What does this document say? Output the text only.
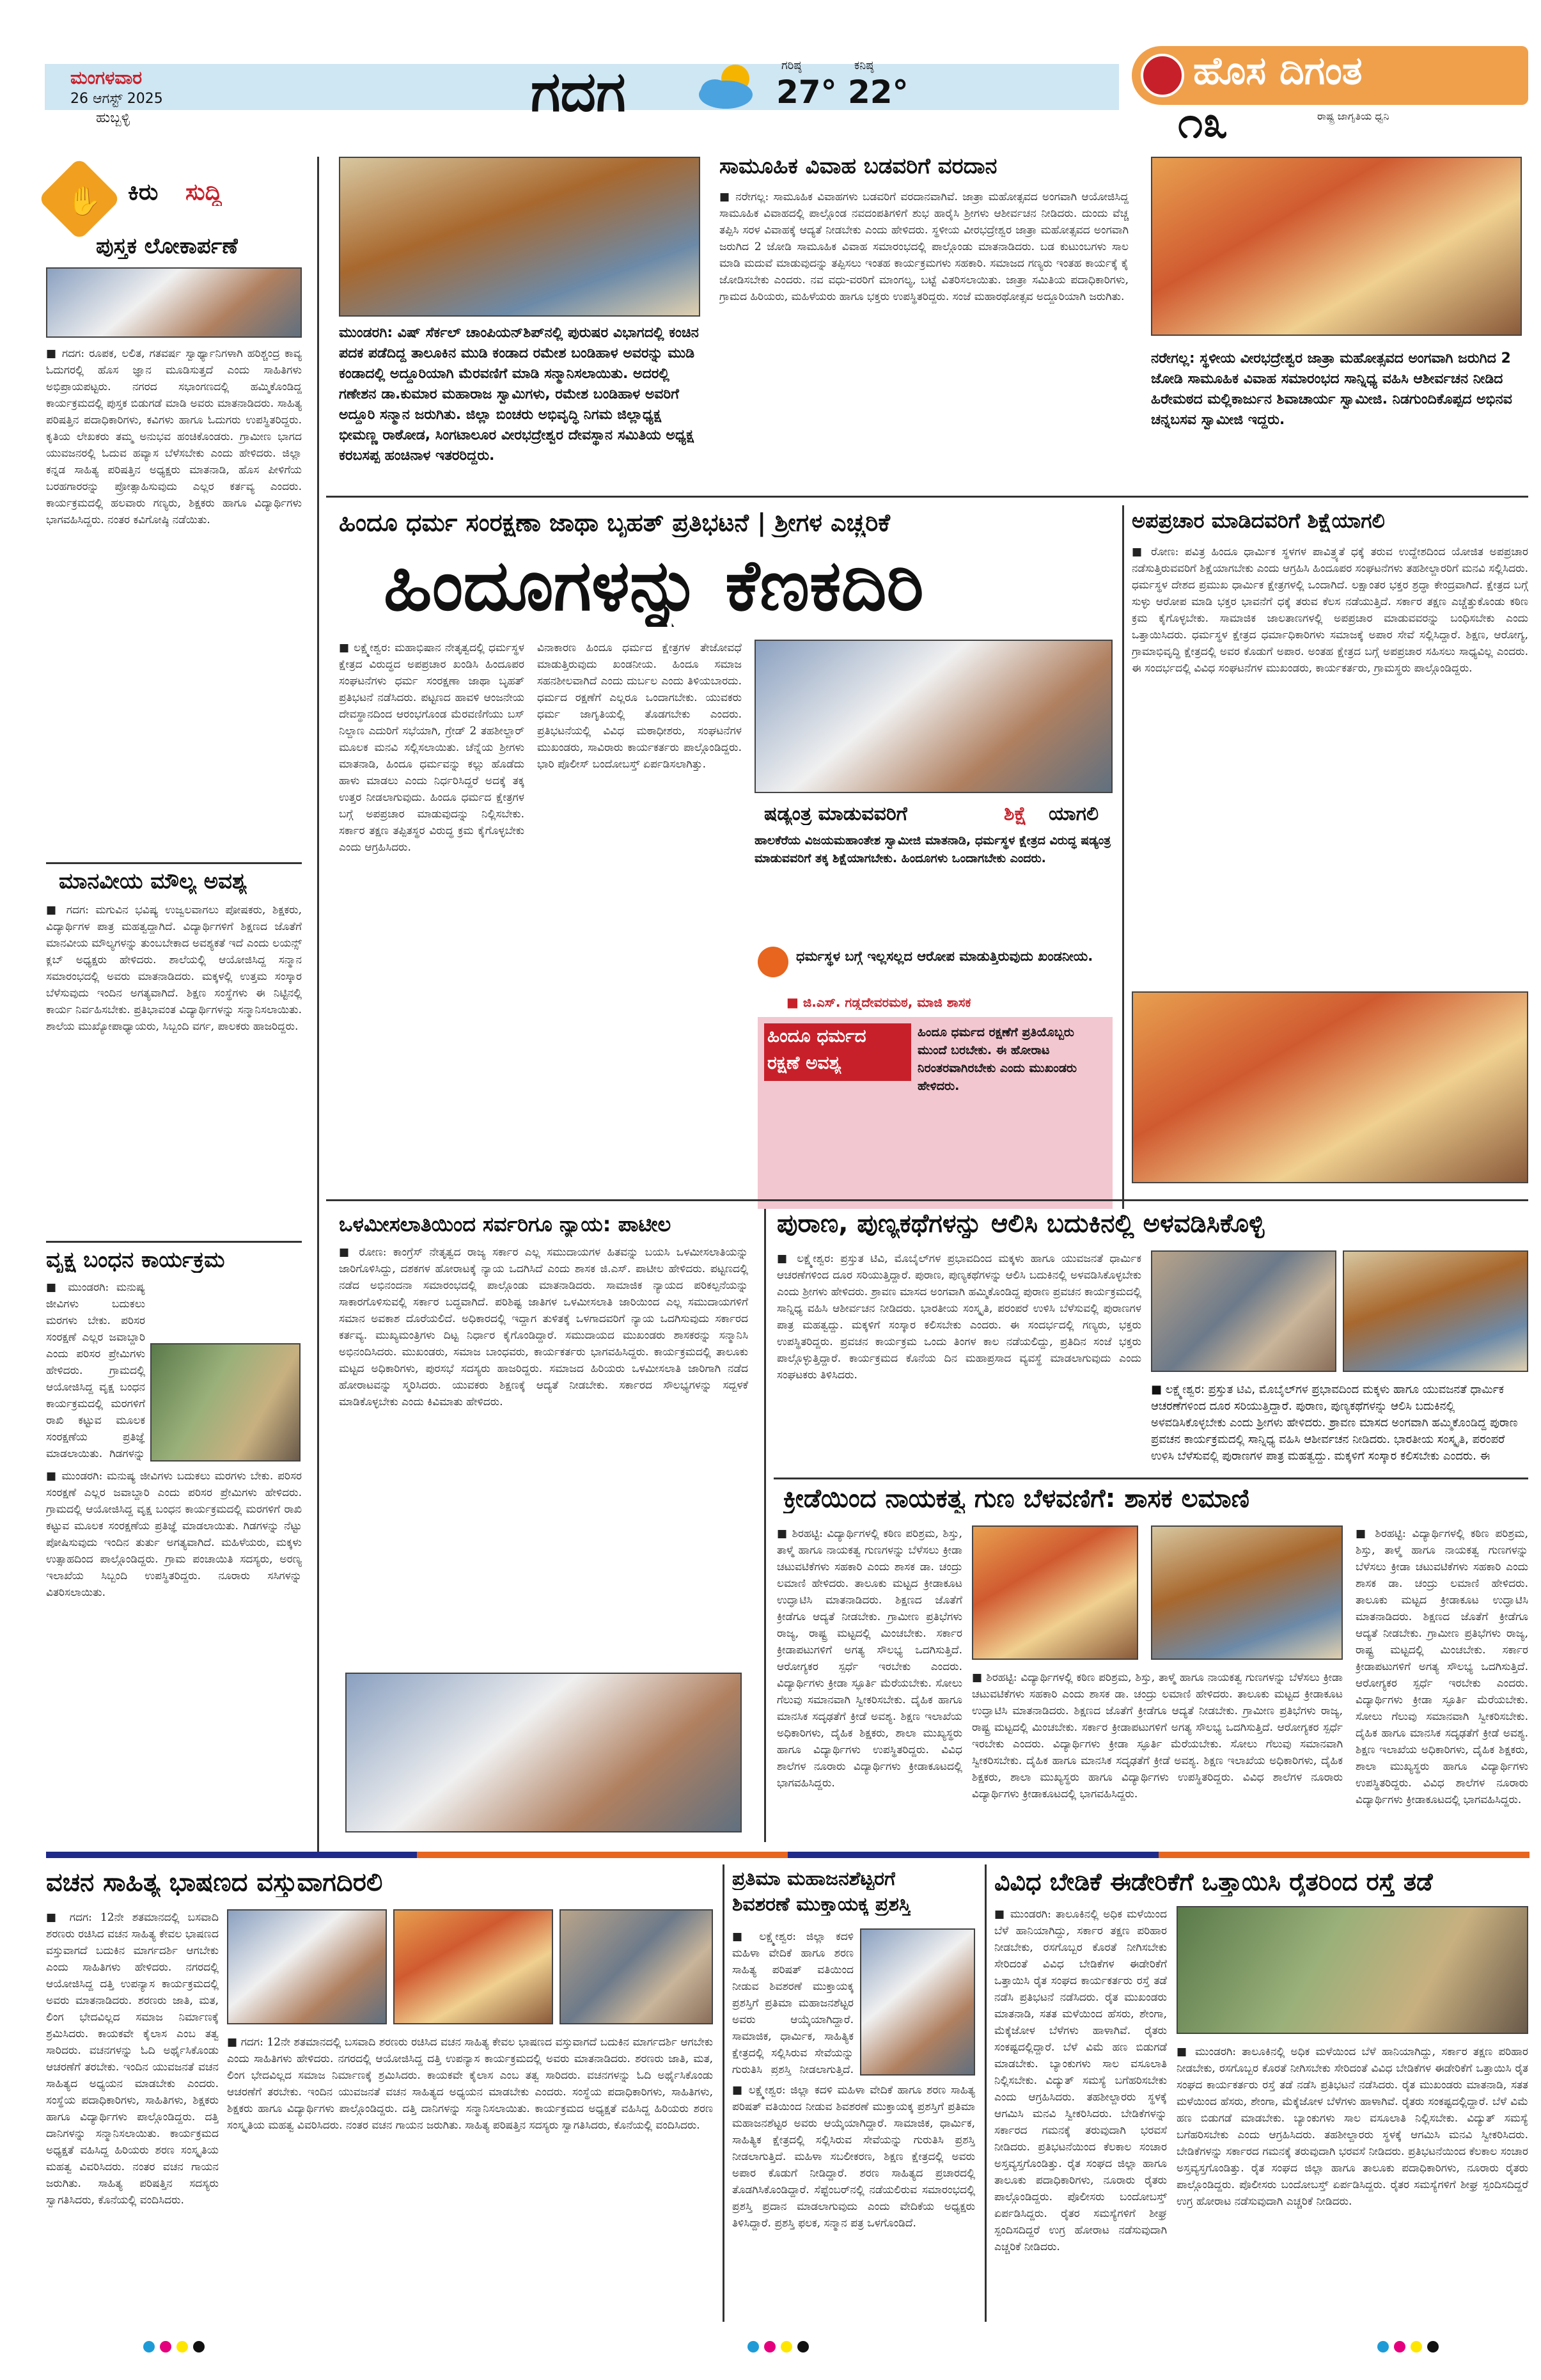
ಮಂಗಳವಾರ
26 ಆಗಸ್ಟ್ 2025
ಹುಬ್ಬಳ್ಳಿ	ಗದಗ	ಗರಿಷ್ಠ
27°
ಕನಿಷ್ಠ
22°	ಹೊಸ ದಿಗಂತ
ರಾಷ್ಟ್ರ ಜಾಗೃತಿಯ ಧ್ವನಿ
೧೩
✋ ಕಿರು ಸುದ್ದಿ
ಪುಸ್ತಕ ಲೋಕಾರ್ಪಣೆ
■ ಗದಗ: ರೂಪಕ, ಲಲಿತ, ಗತವರ್ಷ ಸ್ವಾರ್ಥ್ಯಾನಿಗಳಾಗಿ ಹರಿಶ್ಚಂದ್ರ ಕಾವ್ಯ ಓದುಗರಲ್ಲಿ ಹೊಸ ಜ್ಞಾನ ಮೂಡಿಸುತ್ತದೆ ಎಂದು ಸಾಹಿತಿಗಳು ಅಭಿಪ್ರಾಯಪಟ್ಟರು. ನಗರದ ಸಭಾಂಗಣದಲ್ಲಿ ಹಮ್ಮಿಕೊಂಡಿದ್ದ ಕಾರ್ಯಕ್ರಮದಲ್ಲಿ ಪುಸ್ತಕ ಬಿಡುಗಡೆ ಮಾಡಿ ಅವರು ಮಾತನಾಡಿದರು. ಸಾಹಿತ್ಯ ಪರಿಷತ್ತಿನ ಪದಾಧಿಕಾರಿಗಳು, ಕವಿಗಳು ಹಾಗೂ ಓದುಗರು ಉಪಸ್ಥಿತರಿದ್ದರು. ಕೃತಿಯ ಲೇಖಕರು ತಮ್ಮ ಅನುಭವ ಹಂಚಿಕೊಂಡರು. ಗ್ರಾಮೀಣ ಭಾಗದ ಯುವಜನರಲ್ಲಿ ಓದುವ ಹವ್ಯಾಸ ಬೆಳೆಸಬೇಕು ಎಂದು ಹೇಳಿದರು. ಜಿಲ್ಲಾ ಕನ್ನಡ ಸಾಹಿತ್ಯ ಪರಿಷತ್ತಿನ ಅಧ್ಯಕ್ಷರು ಮಾತನಾಡಿ, ಹೊಸ ಪೀಳಿಗೆಯ ಬರಹಗಾರರನ್ನು ಪ್ರೋತ್ಸಾಹಿಸುವುದು ಎಲ್ಲರ ಕರ್ತವ್ಯ ಎಂದರು. ಕಾರ್ಯಕ್ರಮದಲ್ಲಿ ಹಲವಾರು ಗಣ್ಯರು, ಶಿಕ್ಷಕರು ಹಾಗೂ ವಿದ್ಯಾರ್ಥಿಗಳು ಭಾಗವಹಿಸಿದ್ದರು. ನಂತರ ಕವಿಗೋಷ್ಠಿ ನಡೆಯಿತು.
ಮಾನವೀಯ ಮೌಲ್ಯ ಅವಶ್ಯ
■ ಗದಗ: ಮಗುವಿನ ಭವಿಷ್ಯ ಉಜ್ವಲವಾಗಲು ಪೋಷಕರು, ಶಿಕ್ಷಕರು, ವಿದ್ಯಾರ್ಥಿಗಳ ಪಾತ್ರ ಮಹತ್ವದ್ದಾಗಿದೆ. ವಿದ್ಯಾರ್ಥಿಗಳಿಗೆ ಶಿಕ್ಷಣದ ಜೊತೆಗೆ ಮಾನವೀಯ ಮೌಲ್ಯಗಳನ್ನು ತುಂಬಬೇಕಾದ ಅವಶ್ಯಕತೆ ಇದೆ ಎಂದು ಲಯನ್ಸ್ ಕ್ಲಬ್ ಅಧ್ಯಕ್ಷರು ಹೇಳಿದರು. ಶಾಲೆಯಲ್ಲಿ ಆಯೋಜಿಸಿದ್ದ ಸನ್ಮಾನ ಸಮಾರಂಭದಲ್ಲಿ ಅವರು ಮಾತನಾಡಿದರು. ಮಕ್ಕಳಲ್ಲಿ ಉತ್ತಮ ಸಂಸ್ಕಾರ ಬೆಳೆಸುವುದು ಇಂದಿನ ಅಗತ್ಯವಾಗಿದೆ. ಶಿಕ್ಷಣ ಸಂಸ್ಥೆಗಳು ಈ ನಿಟ್ಟಿನಲ್ಲಿ ಕಾರ್ಯ ನಿರ್ವಹಿಸಬೇಕು. ಪ್ರತಿಭಾವಂತ ವಿದ್ಯಾರ್ಥಿಗಳನ್ನು ಸನ್ಮಾನಿಸಲಾಯಿತು. ಶಾಲೆಯ ಮುಖ್ಯೋಪಾಧ್ಯಾಯರು, ಸಿಬ್ಬಂದಿ ವರ್ಗ, ಪಾಲಕರು ಹಾಜರಿದ್ದರು.
ವೃಕ್ಷ ಬಂಧನ ಕಾರ್ಯಕ್ರಮ
■ ಮುಂಡರಗಿ: ಮನುಷ್ಯ ಜೀವಿಗಳು ಬದುಕಲು ಮರಗಳು ಬೇಕು. ಪರಿಸರ ಸಂರಕ್ಷಣೆ ಎಲ್ಲರ ಜವಾಬ್ದಾರಿ ಎಂದು ಪರಿಸರ ಪ್ರೇಮಿಗಳು ಹೇಳಿದರು. ಗ್ರಾಮದಲ್ಲಿ ಆಯೋಜಿಸಿದ್ದ ವೃಕ್ಷ ಬಂಧನ ಕಾರ್ಯಕ್ರಮದಲ್ಲಿ ಮರಗಳಿಗೆ ರಾಖಿ ಕಟ್ಟುವ ಮೂಲಕ ಸಂರಕ್ಷಣೆಯ ಪ್ರತಿಜ್ಞೆ ಮಾಡಲಾಯಿತು. ಗಿಡಗಳನ್ನು
■ ಮುಂಡರಗಿ: ಮನುಷ್ಯ ಜೀವಿಗಳು ಬದುಕಲು ಮರಗಳು ಬೇಕು. ಪರಿಸರ ಸಂರಕ್ಷಣೆ ಎಲ್ಲರ ಜವಾಬ್ದಾರಿ ಎಂದು ಪರಿಸರ ಪ್ರೇಮಿಗಳು ಹೇಳಿದರು. ಗ್ರಾಮದಲ್ಲಿ ಆಯೋಜಿಸಿದ್ದ ವೃಕ್ಷ ಬಂಧನ ಕಾರ್ಯಕ್ರಮದಲ್ಲಿ ಮರಗಳಿಗೆ ರಾಖಿ ಕಟ್ಟುವ ಮೂಲಕ ಸಂರಕ್ಷಣೆಯ ಪ್ರತಿಜ್ಞೆ ಮಾಡಲಾಯಿತು. ಗಿಡಗಳನ್ನು ನೆಟ್ಟು ಪೋಷಿಸುವುದು ಇಂದಿನ ತುರ್ತು ಅಗತ್ಯವಾಗಿದೆ. ಮಹಿಳೆಯರು, ಮಕ್ಕಳು ಉತ್ಸಾಹದಿಂದ ಪಾಲ್ಗೊಂಡಿದ್ದರು. ಗ್ರಾಮ ಪಂಚಾಯಿತಿ ಸದಸ್ಯರು, ಅರಣ್ಯ ಇಲಾಖೆಯ ಸಿಬ್ಬಂದಿ ಉಪಸ್ಥಿತರಿದ್ದರು. ನೂರಾರು ಸಸಿಗಳನ್ನು ವಿತರಿಸಲಾಯಿತು.
ಮುಂಡರಗಿ: ವಿಷ್ ಸೆರ್ಕಲ್ ಚಾಂಪಿಯನ್‌ಶಿಪ್‌ನಲ್ಲಿ ಪುರುಷರ ವಿಭಾಗದಲ್ಲಿ ಕಂಚಿನ ಪದಕ ಪಡೆದಿದ್ದ ತಾಲೂಕಿನ ಮುಡಿ ಕಂಡಾದ ರಮೇಶ ಬಂಡಿಹಾಳ ಅವರನ್ನು ಮುಡಿ ಕಂಡಾದಲ್ಲಿ ಅದ್ದೂರಿಯಾಗಿ ಮೆರವಣಿಗೆ ಮಾಡಿ ಸನ್ಮಾನಿಸಲಾಯಿತು. ಅದರಲ್ಲಿ ಗಣೇಶನ ಡಾ.ಕುಮಾರ ಮಹಾರಾಜ ಸ್ವಾಮಿಗಳು, ರಮೇಶ ಬಂಡಿಹಾಳ ಅವರಿಗೆ ಅದ್ದೂರಿ ಸನ್ಮಾನ ಜರುಗಿತು. ಜಿಲ್ಲಾ ಬಿಂಚರು ಅಭಿವೃದ್ಧಿ ನಿಗಮ ಜಿಲ್ಲಾಧ್ಯಕ್ಷ ಭೀಮಣ್ಣ ರಾಠೋಡ, ಸಿಂಗಟಾಲೂರ ವೀರಭದ್ರೇಶ್ವರ ದೇವಸ್ಥಾನ ಸಮಿತಿಯ ಅಧ್ಯಕ್ಷ ಕರಬಸಪ್ಪ ಹಂಚಿನಾಳ ಇತರರಿದ್ದರು.
ಸಾಮೂಹಿಕ ವಿವಾಹ ಬಡವರಿಗೆ ವರದಾನ
■ ನರೇಗಲ್ಲ: ಸಾಮೂಹಿಕ ವಿವಾಹಗಳು ಬಡವರಿಗೆ ವರದಾನವಾಗಿವೆ. ಜಾತ್ರಾ ಮಹೋತ್ಸವದ ಅಂಗವಾಗಿ ಆಯೋಜಿಸಿದ್ದ ಸಾಮೂಹಿಕ ವಿವಾಹದಲ್ಲಿ ಪಾಲ್ಗೊಂಡ ನವದಂಪತಿಗಳಿಗೆ ಶುಭ ಹಾರೈಸಿ ಶ್ರೀಗಳು ಆಶೀರ್ವಚನ ನೀಡಿದರು. ದುಂದು ವೆಚ್ಚ ತಪ್ಪಿಸಿ ಸರಳ ವಿವಾಹಕ್ಕೆ ಆದ್ಯತೆ ನೀಡಬೇಕು ಎಂದು ಹೇಳಿದರು. ಸ್ಥಳೀಯ ವೀರಭದ್ರೇಶ್ವರ ಜಾತ್ರಾ ಮಹೋತ್ಸವದ ಅಂಗವಾಗಿ ಜರುಗಿದ 2 ಜೋಡಿ ಸಾಮೂಹಿಕ ವಿವಾಹ ಸಮಾರಂಭದಲ್ಲಿ ಪಾಲ್ಗೊಂಡು ಮಾತನಾಡಿದರು. ಬಡ ಕುಟುಂಬಗಳು ಸಾಲ ಮಾಡಿ ಮದುವೆ ಮಾಡುವುದನ್ನು ತಪ್ಪಿಸಲು ಇಂತಹ ಕಾರ್ಯಕ್ರಮಗಳು ಸಹಕಾರಿ. ಸಮಾಜದ ಗಣ್ಯರು ಇಂತಹ ಕಾರ್ಯಕ್ಕೆ ಕೈ ಜೋಡಿಸಬೇಕು ಎಂದರು. ನವ ವಧು-ವರರಿಗೆ ಮಾಂಗಲ್ಯ, ಬಟ್ಟೆ ವಿತರಿಸಲಾಯಿತು. ಜಾತ್ರಾ ಸಮಿತಿಯ ಪದಾಧಿಕಾರಿಗಳು, ಗ್ರಾಮದ ಹಿರಿಯರು, ಮಹಿಳೆಯರು ಹಾಗೂ ಭಕ್ತರು ಉಪಸ್ಥಿತರಿದ್ದರು. ಸಂಜೆ ಮಹಾರಥೋತ್ಸವ ಅದ್ದೂರಿಯಾಗಿ ಜರುಗಿತು.
ನರೇಗಲ್ಲ: ಸ್ಥಳೀಯ ವೀರಭದ್ರೇಶ್ವರ ಜಾತ್ರಾ ಮಹೋತ್ಸವದ ಅಂಗವಾಗಿ ಜರುಗಿದ 2 ಜೋಡಿ ಸಾಮೂಹಿಕ ವಿವಾಹ ಸಮಾರಂಭದ ಸಾನ್ನಿಧ್ಯ ವಹಿಸಿ ಆಶೀರ್ವಚನ ನೀಡಿದ ಹಿರೇಮಠದ ಮಲ್ಲಿಕಾರ್ಜುನ ಶಿವಾಚಾರ್ಯ ಸ್ವಾಮೀಜಿ. ನಿಡಗುಂದಿಕೊಪ್ಪದ ಅಭಿನವ ಚನ್ನಬಸವ ಸ್ವಾಮೀಜಿ ಇದ್ದರು.
ಹಿಂದೂ ಧರ್ಮ ಸಂರಕ್ಷಣಾ ಜಾಥಾ ಬೃಹತ್ ಪ್ರತಿಭಟನೆ | ಶ್ರೀಗಳ ಎಚ್ಚರಿಕೆ
ಹಿಂದೂಗಳನ್ನು ಕೆಣಕದಿರಿ
■ ಲಕ್ಷ್ಮೇಶ್ವರ: ಮಹಾಭಿಷಾನ ನೇತೃತ್ವದಲ್ಲಿ ಧರ್ಮಸ್ಥಳ ಕ್ಷೇತ್ರದ ವಿರುದ್ಧದ ಅಪಪ್ರಚಾರ ಖಂಡಿಸಿ ಹಿಂದೂಪರ ಸಂಘಟನೆಗಳು ಧರ್ಮ ಸಂರಕ್ಷಣಾ ಜಾಥಾ ಬೃಹತ್ ಪ್ರತಿಭಟನೆ ನಡೆಸಿದರು. ಪಟ್ಟಣದ ಹಾವಳಿ ಆಂಜನೇಯ ದೇವಸ್ಥಾನದಿಂದ ಆರಂಭಗೊಂಡ ಮೆರವಣಿಗೆಯು ಬಸ್ ನಿಲ್ದಾಣ ಎದುರಿಗೆ ಸಭೆಯಾಗಿ, ಗ್ರೇಡ್ 2 ತಹಶೀಲ್ದಾರ್ ಮೂಲಕ ಮನವಿ ಸಲ್ಲಿಸಲಾಯಿತು. ಚೆನ್ನೆಯ ಶ್ರೀಗಳು ಮಾತನಾಡಿ, ಹಿಂದೂ ಧರ್ಮವನ್ನು ಕಲ್ಲು ಹೊಡೆದು ಹಾಳು ಮಾಡಲು ಎಂದು ನಿರ್ಧರಿಸಿದ್ದರೆ ಅದಕ್ಕೆ ತಕ್ಕ ಉತ್ತರ ನೀಡಲಾಗುವುದು. ಹಿಂದೂ ಧರ್ಮದ ಕ್ಷೇತ್ರಗಳ ಬಗ್ಗೆ ಅಪಪ್ರಚಾರ ಮಾಡುವುದನ್ನು ನಿಲ್ಲಿಸಬೇಕು. ಸರ್ಕಾರ ತಕ್ಷಣ ತಪ್ಪಿತಸ್ಥರ ವಿರುದ್ಧ ಕ್ರಮ ಕೈಗೊಳ್ಳಬೇಕು ಎಂದು ಆಗ್ರಹಿಸಿದರು.
ವಿನಾಕಾರಣ ಹಿಂದೂ ಧರ್ಮದ ಕ್ಷೇತ್ರಗಳ ತೇಜೋವಧೆ ಮಾಡುತ್ತಿರುವುದು ಖಂಡನೀಯ. ಹಿಂದೂ ಸಮಾಜ ಸಹನಶೀಲವಾಗಿದೆ ಎಂದು ದುರ್ಬಲ ಎಂದು ತಿಳಿಯಬಾರದು. ಧರ್ಮದ ರಕ್ಷಣೆಗೆ ಎಲ್ಲರೂ ಒಂದಾಗಬೇಕು. ಯುವಕರು ಧರ್ಮ ಜಾಗೃತಿಯಲ್ಲಿ ತೊಡಗಬೇಕು ಎಂದರು. ಪ್ರತಿಭಟನೆಯಲ್ಲಿ ವಿವಿಧ ಮಠಾಧೀಶರು, ಸಂಘಟನೆಗಳ ಮುಖಂಡರು, ಸಾವಿರಾರು ಕಾರ್ಯಕರ್ತರು ಪಾಲ್ಗೊಂಡಿದ್ದರು. ಭಾರಿ ಪೊಲೀಸ್ ಬಂದೋಬಸ್ತ್ ಏರ್ಪಡಿಸಲಾಗಿತ್ತು.
ಷಡ್ಯಂತ್ರ ಮಾಡುವವರಿಗೆ	ಶಿಕ್ಷೆ ಯಾಗಲಿ
ಹಾಲಕೆರೆಯ ವಿಜಯಮಹಾಂತೇಶ ಸ್ವಾಮೀಜಿ ಮಾತನಾಡಿ, ಧರ್ಮಸ್ಥಳ ಕ್ಷೇತ್ರದ ವಿರುದ್ಧ ಷಡ್ಯಂತ್ರ ಮಾಡುವವರಿಗೆ ತಕ್ಕ ಶಿಕ್ಷೆಯಾಗಬೇಕು. ಹಿಂದೂಗಳು ಒಂದಾಗಬೇಕು ಎಂದರು.
ಧರ್ಮಸ್ಥಳ ಬಗ್ಗೆ ಇಲ್ಲಸಲ್ಲದ ಆರೋಪ ಮಾಡುತ್ತಿರುವುದು ಖಂಡನೀಯ.
■ ಜಿ.ಎಸ್. ಗಡ್ಡದೇವರಮಠ, ಮಾಜಿ ಶಾಸಕ
ಹಿಂದೂ ಧರ್ಮದ
ರಕ್ಷಣೆ ಅವಶ್ಯ
ಹಿಂದೂ ಧರ್ಮದ ರಕ್ಷಣೆಗೆ ಪ್ರತಿಯೊಬ್ಬರು ಮುಂದೆ ಬರಬೇಕು. ಈ ಹೋರಾಟ ನಿರಂತರವಾಗಿರಬೇಕು ಎಂದು ಮುಖಂಡರು ಹೇಳಿದರು.
ಅಪಪ್ರಚಾರ ಮಾಡಿದವರಿಗೆ ಶಿಕ್ಷೆಯಾಗಲಿ
■ ರೋಣ: ಪವಿತ್ರ ಹಿಂದೂ ಧಾರ್ಮಿಕ ಸ್ಥಳಗಳ ಪಾವಿತ್ರ್ಯತೆ ಧಕ್ಕೆ ತರುವ ಉದ್ದೇಶದಿಂದ ಯೋಜಿತ ಅಪಪ್ರಚಾರ ನಡೆಸುತ್ತಿರುವವರಿಗೆ ಶಿಕ್ಷೆಯಾಗಬೇಕು ಎಂದು ಆಗ್ರಹಿಸಿ ಹಿಂದೂಪರ ಸಂಘಟನೆಗಳು ತಹಶೀಲ್ದಾರರಿಗೆ ಮನವಿ ಸಲ್ಲಿಸಿದರು. ಧರ್ಮಸ್ಥಳ ದೇಶದ ಪ್ರಮುಖ ಧಾರ್ಮಿಕ ಕ್ಷೇತ್ರಗಳಲ್ಲಿ ಒಂದಾಗಿದೆ. ಲಕ್ಷಾಂತರ ಭಕ್ತರ ಶ್ರದ್ಧಾ ಕೇಂದ್ರವಾಗಿದೆ. ಕ್ಷೇತ್ರದ ಬಗ್ಗೆ ಸುಳ್ಳು ಆರೋಪ ಮಾಡಿ ಭಕ್ತರ ಭಾವನೆಗೆ ಧಕ್ಕೆ ತರುವ ಕೆಲಸ ನಡೆಯುತ್ತಿದೆ. ಸರ್ಕಾರ ತಕ್ಷಣ ಎಚ್ಚೆತ್ತುಕೊಂಡು ಕಠಿಣ ಕ್ರಮ ಕೈಗೊಳ್ಳಬೇಕು. ಸಾಮಾಜಿಕ ಜಾಲತಾಣಗಳಲ್ಲಿ ಅಪಪ್ರಚಾರ ಮಾಡುವವರನ್ನು ಬಂಧಿಸಬೇಕು ಎಂದು ಒತ್ತಾಯಿಸಿದರು. ಧರ್ಮಸ್ಥಳ ಕ್ಷೇತ್ರದ ಧರ್ಮಾಧಿಕಾರಿಗಳು ಸಮಾಜಕ್ಕೆ ಅಪಾರ ಸೇವೆ ಸಲ್ಲಿಸಿದ್ದಾರೆ. ಶಿಕ್ಷಣ, ಆರೋಗ್ಯ, ಗ್ರಾಮಾಭಿವೃದ್ಧಿ ಕ್ಷೇತ್ರದಲ್ಲಿ ಅವರ ಕೊಡುಗೆ ಅಪಾರ. ಅಂತಹ ಕ್ಷೇತ್ರದ ಬಗ್ಗೆ ಅಪಪ್ರಚಾರ ಸಹಿಸಲು ಸಾಧ್ಯವಿಲ್ಲ ಎಂದರು. ಈ ಸಂದರ್ಭದಲ್ಲಿ ವಿವಿಧ ಸಂಘಟನೆಗಳ ಮುಖಂಡರು, ಕಾರ್ಯಕರ್ತರು, ಗ್ರಾಮಸ್ಥರು ಪಾಲ್ಗೊಂಡಿದ್ದರು.
ಒಳಮೀಸಲಾತಿಯಿಂದ ಸರ್ವರಿಗೂ ನ್ಯಾಯ: ಪಾಟೀಲ
■ ರೋಣ: ಕಾಂಗ್ರೆಸ್ ನೇತೃತ್ವದ ರಾಜ್ಯ ಸರ್ಕಾರ ಎಲ್ಲ ಸಮುದಾಯಗಳ ಹಿತವನ್ನು ಬಯಸಿ ಒಳಮೀಸಲಾತಿಯನ್ನು ಜಾರಿಗೊಳಿಸಿದ್ದು, ದಶಕಗಳ ಹೋರಾಟಕ್ಕೆ ನ್ಯಾಯ ಒದಗಿಸಿದೆ ಎಂದು ಶಾಸಕ ಜಿ.ಎಸ್. ಪಾಟೀಲ ಹೇಳಿದರು. ಪಟ್ಟಣದಲ್ಲಿ ನಡೆದ ಅಭಿನಂದನಾ ಸಮಾರಂಭದಲ್ಲಿ ಪಾಲ್ಗೊಂಡು ಮಾತನಾಡಿದರು. ಸಾಮಾಜಿಕ ನ್ಯಾಯದ ಪರಿಕಲ್ಪನೆಯನ್ನು ಸಾಕಾರಗೊಳಿಸುವಲ್ಲಿ ಸರ್ಕಾರ ಬದ್ಧವಾಗಿದೆ. ಪರಿಶಿಷ್ಟ ಜಾತಿಗಳ ಒಳಮೀಸಲಾತಿ ಜಾರಿಯಿಂದ ಎಲ್ಲ ಸಮುದಾಯಗಳಿಗೆ ಸಮಾನ ಅವಕಾಶ ದೊರೆಯಲಿದೆ. ಅಧಿಕಾರದಲ್ಲಿ ಇದ್ದಾಗ ತುಳಿತಕ್ಕೆ ಒಳಗಾದವರಿಗೆ ನ್ಯಾಯ ಒದಗಿಸುವುದು ಸರ್ಕಾರದ ಕರ್ತವ್ಯ. ಮುಖ್ಯಮಂತ್ರಿಗಳು ದಿಟ್ಟ ನಿರ್ಧಾರ ಕೈಗೊಂಡಿದ್ದಾರೆ. ಸಮುದಾಯದ ಮುಖಂಡರು ಶಾಸಕರನ್ನು ಸನ್ಮಾನಿಸಿ ಅಭಿನಂದಿಸಿದರು. ಮುಖಂಡರು, ಸಮಾಜ ಬಾಂಧವರು, ಕಾರ್ಯಕರ್ತರು ಭಾಗವಹಿಸಿದ್ದರು. ಕಾರ್ಯಕ್ರಮದಲ್ಲಿ ತಾಲೂಕು ಮಟ್ಟದ ಅಧಿಕಾರಿಗಳು, ಪುರಸಭೆ ಸದಸ್ಯರು ಹಾಜರಿದ್ದರು. ಸಮಾಜದ ಹಿರಿಯರು ಒಳಮೀಸಲಾತಿ ಜಾರಿಗಾಗಿ ನಡೆದ ಹೋರಾಟವನ್ನು ಸ್ಮರಿಸಿದರು. ಯುವಕರು ಶಿಕ್ಷಣಕ್ಕೆ ಆದ್ಯತೆ ನೀಡಬೇಕು. ಸರ್ಕಾರದ ಸೌಲಭ್ಯಗಳನ್ನು ಸದ್ಬಳಕೆ ಮಾಡಿಕೊಳ್ಳಬೇಕು ಎಂದು ಕಿವಿಮಾತು ಹೇಳಿದರು.
ಪುರಾಣ, ಪುಣ್ಯಕಥೆಗಳನ್ನು ಆಲಿಸಿ ಬದುಕಿನಲ್ಲಿ ಅಳವಡಿಸಿಕೊಳ್ಳಿ
■ ಲಕ್ಷ್ಮೇಶ್ವರ: ಪ್ರಸ್ತುತ ಟಿವಿ, ಮೊಬೈಲ್‌ಗಳ ಪ್ರಭಾವದಿಂದ ಮಕ್ಕಳು ಹಾಗೂ ಯುವಜನತೆ ಧಾರ್ಮಿಕ ಆಚರಣೆಗಳಿಂದ ದೂರ ಸರಿಯುತ್ತಿದ್ದಾರೆ. ಪುರಾಣ, ಪುಣ್ಯಕಥೆಗಳನ್ನು ಆಲಿಸಿ ಬದುಕಿನಲ್ಲಿ ಅಳವಡಿಸಿಕೊಳ್ಳಬೇಕು ಎಂದು ಶ್ರೀಗಳು ಹೇಳಿದರು. ಶ್ರಾವಣ ಮಾಸದ ಅಂಗವಾಗಿ ಹಮ್ಮಿಕೊಂಡಿದ್ದ ಪುರಾಣ ಪ್ರವಚನ ಕಾರ್ಯಕ್ರಮದಲ್ಲಿ ಸಾನ್ನಿಧ್ಯ ವಹಿಸಿ ಆಶೀರ್ವಚನ ನೀಡಿದರು. ಭಾರತೀಯ ಸಂಸ್ಕೃತಿ, ಪರಂಪರೆ ಉಳಿಸಿ ಬೆಳೆಸುವಲ್ಲಿ ಪುರಾಣಗಳ ಪಾತ್ರ ಮಹತ್ವದ್ದು. ಮಕ್ಕಳಿಗೆ ಸಂಸ್ಕಾರ ಕಲಿಸಬೇಕು ಎಂದರು. ಈ ಸಂದರ್ಭದಲ್ಲಿ ಗಣ್ಯರು, ಭಕ್ತರು ಉಪಸ್ಥಿತರಿದ್ದರು. ಪ್ರವಚನ ಕಾರ್ಯಕ್ರಮ ಒಂದು ತಿಂಗಳ ಕಾಲ ನಡೆಯಲಿದ್ದು, ಪ್ರತಿದಿನ ಸಂಜೆ ಭಕ್ತರು ಪಾಲ್ಗೊಳ್ಳುತ್ತಿದ್ದಾರೆ. ಕಾರ್ಯಕ್ರಮದ ಕೊನೆಯ ದಿನ ಮಹಾಪ್ರಸಾದ ವ್ಯವಸ್ಥೆ ಮಾಡಲಾಗುವುದು ಎಂದು ಸಂಘಟಕರು ತಿಳಿಸಿದರು.
■ ಲಕ್ಷ್ಮೇಶ್ವರ: ಪ್ರಸ್ತುತ ಟಿವಿ, ಮೊಬೈಲ್‌ಗಳ ಪ್ರಭಾವದಿಂದ ಮಕ್ಕಳು ಹಾಗೂ ಯುವಜನತೆ ಧಾರ್ಮಿಕ ಆಚರಣೆಗಳಿಂದ ದೂರ ಸರಿಯುತ್ತಿದ್ದಾರೆ. ಪುರಾಣ, ಪುಣ್ಯಕಥೆಗಳನ್ನು ಆಲಿಸಿ ಬದುಕಿನಲ್ಲಿ ಅಳವಡಿಸಿಕೊಳ್ಳಬೇಕು ಎಂದು ಶ್ರೀಗಳು ಹೇಳಿದರು. ಶ್ರಾವಣ ಮಾಸದ ಅಂಗವಾಗಿ ಹಮ್ಮಿಕೊಂಡಿದ್ದ ಪುರಾಣ ಪ್ರವಚನ ಕಾರ್ಯಕ್ರಮದಲ್ಲಿ ಸಾನ್ನಿಧ್ಯ ವಹಿಸಿ ಆಶೀರ್ವಚನ ನೀಡಿದರು. ಭಾರತೀಯ ಸಂಸ್ಕೃತಿ, ಪರಂಪರೆ ಉಳಿಸಿ ಬೆಳೆಸುವಲ್ಲಿ ಪುರಾಣಗಳ ಪಾತ್ರ ಮಹತ್ವದ್ದು. ಮಕ್ಕಳಿಗೆ ಸಂಸ್ಕಾರ ಕಲಿಸಬೇಕು ಎಂದರು. ಈ
ಕ್ರೀಡೆಯಿಂದ ನಾಯಕತ್ವ ಗುಣ ಬೆಳವಣಿಗೆ: ಶಾಸಕ ಲಮಾಣಿ
■ ಶಿರಹಟ್ಟಿ: ವಿದ್ಯಾರ್ಥಿಗಳಲ್ಲಿ ಕಠಿಣ ಪರಿಶ್ರಮ, ಶಿಸ್ತು, ತಾಳ್ಮೆ ಹಾಗೂ ನಾಯಕತ್ವ ಗುಣಗಳನ್ನು ಬೆಳೆಸಲು ಕ್ರೀಡಾ ಚಟುವಟಿಕೆಗಳು ಸಹಕಾರಿ ಎಂದು ಶಾಸಕ ಡಾ. ಚಂದ್ರು ಲಮಾಣಿ ಹೇಳಿದರು. ತಾಲೂಕು ಮಟ್ಟದ ಕ್ರೀಡಾಕೂಟ ಉದ್ಘಾಟಿಸಿ ಮಾತನಾಡಿದರು. ಶಿಕ್ಷಣದ ಜೊತೆಗೆ ಕ್ರೀಡೆಗೂ ಆದ್ಯತೆ ನೀಡಬೇಕು. ಗ್ರಾಮೀಣ ಪ್ರತಿಭೆಗಳು ರಾಜ್ಯ, ರಾಷ್ಟ್ರ ಮಟ್ಟದಲ್ಲಿ ಮಿಂಚಬೇಕು. ಸರ್ಕಾರ ಕ್ರೀಡಾಪಟುಗಳಿಗೆ ಅಗತ್ಯ ಸೌಲಭ್ಯ ಒದಗಿಸುತ್ತಿದೆ. ಆರೋಗ್ಯಕರ ಸ್ಪರ್ಧೆ ಇರಬೇಕು ಎಂದರು. ವಿದ್ಯಾರ್ಥಿಗಳು ಕ್ರೀಡಾ ಸ್ಫೂರ್ತಿ ಮೆರೆಯಬೇಕು. ಸೋಲು ಗೆಲುವು ಸಮಾನವಾಗಿ ಸ್ವೀಕರಿಸಬೇಕು. ದೈಹಿಕ ಹಾಗೂ ಮಾನಸಿಕ ಸದೃಢತೆಗೆ ಕ್ರೀಡೆ ಅವಶ್ಯ. ಶಿಕ್ಷಣ ಇಲಾಖೆಯ ಅಧಿಕಾರಿಗಳು, ದೈಹಿಕ ಶಿಕ್ಷಕರು, ಶಾಲಾ ಮುಖ್ಯಸ್ಥರು ಹಾಗೂ ವಿದ್ಯಾರ್ಥಿಗಳು ಉಪಸ್ಥಿತರಿದ್ದರು. ವಿವಿಧ ಶಾಲೆಗಳ ನೂರಾರು ವಿದ್ಯಾರ್ಥಿಗಳು ಕ್ರೀಡಾಕೂಟದಲ್ಲಿ ಭಾಗವಹಿಸಿದ್ದರು.
■ ಶಿರಹಟ್ಟಿ: ವಿದ್ಯಾರ್ಥಿಗಳಲ್ಲಿ ಕಠಿಣ ಪರಿಶ್ರಮ, ಶಿಸ್ತು, ತಾಳ್ಮೆ ಹಾಗೂ ನಾಯಕತ್ವ ಗುಣಗಳನ್ನು ಬೆಳೆಸಲು ಕ್ರೀಡಾ ಚಟುವಟಿಕೆಗಳು ಸಹಕಾರಿ ಎಂದು ಶಾಸಕ ಡಾ. ಚಂದ್ರು ಲಮಾಣಿ ಹೇಳಿದರು. ತಾಲೂಕು ಮಟ್ಟದ ಕ್ರೀಡಾಕೂಟ ಉದ್ಘಾಟಿಸಿ ಮಾತನಾಡಿದರು. ಶಿಕ್ಷಣದ ಜೊತೆಗೆ ಕ್ರೀಡೆಗೂ ಆದ್ಯತೆ ನೀಡಬೇಕು. ಗ್ರಾಮೀಣ ಪ್ರತಿಭೆಗಳು ರಾಜ್ಯ, ರಾಷ್ಟ್ರ ಮಟ್ಟದಲ್ಲಿ ಮಿಂಚಬೇಕು. ಸರ್ಕಾರ ಕ್ರೀಡಾಪಟುಗಳಿಗೆ ಅಗತ್ಯ ಸೌಲಭ್ಯ ಒದಗಿಸುತ್ತಿದೆ. ಆರೋಗ್ಯಕರ ಸ್ಪರ್ಧೆ ಇರಬೇಕು ಎಂದರು. ವಿದ್ಯಾರ್ಥಿಗಳು ಕ್ರೀಡಾ ಸ್ಫೂರ್ತಿ ಮೆರೆಯಬೇಕು. ಸೋಲು ಗೆಲುವು ಸಮಾನವಾಗಿ ಸ್ವೀಕರಿಸಬೇಕು. ದೈಹಿಕ ಹಾಗೂ ಮಾನಸಿಕ ಸದೃಢತೆಗೆ ಕ್ರೀಡೆ ಅವಶ್ಯ. ಶಿಕ್ಷಣ ಇಲಾಖೆಯ ಅಧಿಕಾರಿಗಳು, ದೈಹಿಕ ಶಿಕ್ಷಕರು, ಶಾಲಾ ಮುಖ್ಯಸ್ಥರು ಹಾಗೂ ವಿದ್ಯಾರ್ಥಿಗಳು ಉಪಸ್ಥಿತರಿದ್ದರು. ವಿವಿಧ ಶಾಲೆಗಳ ನೂರಾರು ವಿದ್ಯಾರ್ಥಿಗಳು ಕ್ರೀಡಾಕೂಟದಲ್ಲಿ ಭಾಗವಹಿಸಿದ್ದರು.
■ ಶಿರಹಟ್ಟಿ: ವಿದ್ಯಾರ್ಥಿಗಳಲ್ಲಿ ಕಠಿಣ ಪರಿಶ್ರಮ, ಶಿಸ್ತು, ತಾಳ್ಮೆ ಹಾಗೂ ನಾಯಕತ್ವ ಗುಣಗಳನ್ನು ಬೆಳೆಸಲು ಕ್ರೀಡಾ ಚಟುವಟಿಕೆಗಳು ಸಹಕಾರಿ ಎಂದು ಶಾಸಕ ಡಾ. ಚಂದ್ರು ಲಮಾಣಿ ಹೇಳಿದರು. ತಾಲೂಕು ಮಟ್ಟದ ಕ್ರೀಡಾಕೂಟ ಉದ್ಘಾಟಿಸಿ ಮಾತನಾಡಿದರು. ಶಿಕ್ಷಣದ ಜೊತೆಗೆ ಕ್ರೀಡೆಗೂ ಆದ್ಯತೆ ನೀಡಬೇಕು. ಗ್ರಾಮೀಣ ಪ್ರತಿಭೆಗಳು ರಾಜ್ಯ, ರಾಷ್ಟ್ರ ಮಟ್ಟದಲ್ಲಿ ಮಿಂಚಬೇಕು. ಸರ್ಕಾರ ಕ್ರೀಡಾಪಟುಗಳಿಗೆ ಅಗತ್ಯ ಸೌಲಭ್ಯ ಒದಗಿಸುತ್ತಿದೆ. ಆರೋಗ್ಯಕರ ಸ್ಪರ್ಧೆ ಇರಬೇಕು ಎಂದರು. ವಿದ್ಯಾರ್ಥಿಗಳು ಕ್ರೀಡಾ ಸ್ಫೂರ್ತಿ ಮೆರೆಯಬೇಕು. ಸೋಲು ಗೆಲುವು ಸಮಾನವಾಗಿ ಸ್ವೀಕರಿಸಬೇಕು. ದೈಹಿಕ ಹಾಗೂ ಮಾನಸಿಕ ಸದೃಢತೆಗೆ ಕ್ರೀಡೆ ಅವಶ್ಯ. ಶಿಕ್ಷಣ ಇಲಾಖೆಯ ಅಧಿಕಾರಿಗಳು, ದೈಹಿಕ ಶಿಕ್ಷಕರು, ಶಾಲಾ ಮುಖ್ಯಸ್ಥರು ಹಾಗೂ ವಿದ್ಯಾರ್ಥಿಗಳು ಉಪಸ್ಥಿತರಿದ್ದರು. ವಿವಿಧ ಶಾಲೆಗಳ ನೂರಾರು ವಿದ್ಯಾರ್ಥಿಗಳು ಕ್ರೀಡಾಕೂಟದಲ್ಲಿ ಭಾಗವಹಿಸಿದ್ದರು.
ವಚನ ಸಾಹಿತ್ಯ ಭಾಷಣದ ವಸ್ತುವಾಗದಿರಲಿ
■ ಗದಗ: 12ನೇ ಶತಮಾನದಲ್ಲಿ ಬಸವಾದಿ ಶರಣರು ರಚಿಸಿದ ವಚನ ಸಾಹಿತ್ಯ ಕೇವಲ ಭಾಷಣದ ವಸ್ತುವಾಗದೆ ಬದುಕಿನ ಮಾರ್ಗದರ್ಶಿ ಆಗಬೇಕು ಎಂದು ಸಾಹಿತಿಗಳು ಹೇಳಿದರು. ನಗರದಲ್ಲಿ ಆಯೋಜಿಸಿದ್ದ ದತ್ತಿ ಉಪನ್ಯಾಸ ಕಾರ್ಯಕ್ರಮದಲ್ಲಿ ಅವರು ಮಾತನಾಡಿದರು. ಶರಣರು ಜಾತಿ, ಮತ, ಲಿಂಗ ಭೇದವಿಲ್ಲದ ಸಮಾಜ ನಿರ್ಮಾಣಕ್ಕೆ ಶ್ರಮಿಸಿದರು. ಕಾಯಕವೇ ಕೈಲಾಸ ಎಂಬ ತತ್ವ ಸಾರಿದರು. ವಚನಗಳನ್ನು ಓದಿ ಅರ್ಥೈಸಿಕೊಂಡು ಆಚರಣೆಗೆ ತರಬೇಕು. ಇಂದಿನ ಯುವಜನತೆ ವಚನ ಸಾಹಿತ್ಯದ ಅಧ್ಯಯನ ಮಾಡಬೇಕು ಎಂದರು. ಸಂಸ್ಥೆಯ ಪದಾಧಿಕಾರಿಗಳು, ಸಾಹಿತಿಗಳು, ಶಿಕ್ಷಕರು ಹಾಗೂ ವಿದ್ಯಾರ್ಥಿಗಳು ಪಾಲ್ಗೊಂಡಿದ್ದರು. ದತ್ತಿ ದಾನಿಗಳನ್ನು ಸನ್ಮಾನಿಸಲಾಯಿತು. ಕಾರ್ಯಕ್ರಮದ ಅಧ್ಯಕ್ಷತೆ ವಹಿಸಿದ್ದ ಹಿರಿಯರು ಶರಣ ಸಂಸ್ಕೃತಿಯ ಮಹತ್ವ ವಿವರಿಸಿದರು. ನಂತರ ವಚನ ಗಾಯನ ಜರುಗಿತು. ಸಾಹಿತ್ಯ ಪರಿಷತ್ತಿನ ಸದಸ್ಯರು ಸ್ವಾಗತಿಸಿದರು, ಕೊನೆಯಲ್ಲಿ ವಂದಿಸಿದರು.
■ ಗದಗ: 12ನೇ ಶತಮಾನದಲ್ಲಿ ಬಸವಾದಿ ಶರಣರು ರಚಿಸಿದ ವಚನ ಸಾಹಿತ್ಯ ಕೇವಲ ಭಾಷಣದ ವಸ್ತುವಾಗದೆ ಬದುಕಿನ ಮಾರ್ಗದರ್ಶಿ ಆಗಬೇಕು ಎಂದು ಸಾಹಿತಿಗಳು ಹೇಳಿದರು. ನಗರದಲ್ಲಿ ಆಯೋಜಿಸಿದ್ದ ದತ್ತಿ ಉಪನ್ಯಾಸ ಕಾರ್ಯಕ್ರಮದಲ್ಲಿ ಅವರು ಮಾತನಾಡಿದರು. ಶರಣರು ಜಾತಿ, ಮತ, ಲಿಂಗ ಭೇದವಿಲ್ಲದ ಸಮಾಜ ನಿರ್ಮಾಣಕ್ಕೆ ಶ್ರಮಿಸಿದರು. ಕಾಯಕವೇ ಕೈಲಾಸ ಎಂಬ ತತ್ವ ಸಾರಿದರು. ವಚನಗಳನ್ನು ಓದಿ ಅರ್ಥೈಸಿಕೊಂಡು ಆಚರಣೆಗೆ ತರಬೇಕು. ಇಂದಿನ ಯುವಜನತೆ ವಚನ ಸಾಹಿತ್ಯದ ಅಧ್ಯಯನ ಮಾಡಬೇಕು ಎಂದರು. ಸಂಸ್ಥೆಯ ಪದಾಧಿಕಾರಿಗಳು, ಸಾಹಿತಿಗಳು, ಶಿಕ್ಷಕರು ಹಾಗೂ ವಿದ್ಯಾರ್ಥಿಗಳು ಪಾಲ್ಗೊಂಡಿದ್ದರು. ದತ್ತಿ ದಾನಿಗಳನ್ನು ಸನ್ಮಾನಿಸಲಾಯಿತು. ಕಾರ್ಯಕ್ರಮದ ಅಧ್ಯಕ್ಷತೆ ವಹಿಸಿದ್ದ ಹಿರಿಯರು ಶರಣ ಸಂಸ್ಕೃತಿಯ ಮಹತ್ವ ವಿವರಿಸಿದರು. ನಂತರ ವಚನ ಗಾಯನ ಜರುಗಿತು. ಸಾಹಿತ್ಯ ಪರಿಷತ್ತಿನ ಸದಸ್ಯರು ಸ್ವಾಗತಿಸಿದರು, ಕೊನೆಯಲ್ಲಿ ವಂದಿಸಿದರು.
ಪ್ರತಿಮಾ ಮಹಾಜನಶೆಟ್ಟರಗೆ
ಶಿವಶರಣೆ ಮುಕ್ತಾಯಕ್ಕ ಪ್ರಶಸ್ತಿ
■ ಲಕ್ಷ್ಮೇಶ್ವರ: ಜಿಲ್ಲಾ ಕದಳಿ ಮಹಿಳಾ ವೇದಿಕೆ ಹಾಗೂ ಶರಣ ಸಾಹಿತ್ಯ ಪರಿಷತ್ ವತಿಯಿಂದ ನೀಡುವ ಶಿವಶರಣೆ ಮುಕ್ತಾಯಕ್ಕ ಪ್ರಶಸ್ತಿಗೆ ಪ್ರತಿಮಾ ಮಹಾಜನಶೆಟ್ಟರ ಅವರು ಆಯ್ಕೆಯಾಗಿದ್ದಾರೆ. ಸಾಮಾಜಿಕ, ಧಾರ್ಮಿಕ, ಸಾಹಿತ್ಯಿಕ ಕ್ಷೇತ್ರದಲ್ಲಿ ಸಲ್ಲಿಸಿರುವ ಸೇವೆಯನ್ನು ಗುರುತಿಸಿ ಪ್ರಶಸ್ತಿ ನೀಡಲಾಗುತ್ತಿದೆ.
■ ಲಕ್ಷ್ಮೇಶ್ವರ: ಜಿಲ್ಲಾ ಕದಳಿ ಮಹಿಳಾ ವೇದಿಕೆ ಹಾಗೂ ಶರಣ ಸಾಹಿತ್ಯ ಪರಿಷತ್ ವತಿಯಿಂದ ನೀಡುವ ಶಿವಶರಣೆ ಮುಕ್ತಾಯಕ್ಕ ಪ್ರಶಸ್ತಿಗೆ ಪ್ರತಿಮಾ ಮಹಾಜನಶೆಟ್ಟರ ಅವರು ಆಯ್ಕೆಯಾಗಿದ್ದಾರೆ. ಸಾಮಾಜಿಕ, ಧಾರ್ಮಿಕ, ಸಾಹಿತ್ಯಿಕ ಕ್ಷೇತ್ರದಲ್ಲಿ ಸಲ್ಲಿಸಿರುವ ಸೇವೆಯನ್ನು ಗುರುತಿಸಿ ಪ್ರಶಸ್ತಿ ನೀಡಲಾಗುತ್ತಿದೆ. ಮಹಿಳಾ ಸಬಲೀಕರಣ, ಶಿಕ್ಷಣ ಕ್ಷೇತ್ರದಲ್ಲಿ ಅವರು ಅಪಾರ ಕೊಡುಗೆ ನೀಡಿದ್ದಾರೆ. ಶರಣ ಸಾಹಿತ್ಯದ ಪ್ರಚಾರದಲ್ಲಿ ತೊಡಗಿಸಿಕೊಂಡಿದ್ದಾರೆ. ಸೆಪ್ಟೆಂಬರ್‌ನಲ್ಲಿ ನಡೆಯಲಿರುವ ಸಮಾರಂಭದಲ್ಲಿ ಪ್ರಶಸ್ತಿ ಪ್ರದಾನ ಮಾಡಲಾಗುವುದು ಎಂದು ವೇದಿಕೆಯ ಅಧ್ಯಕ್ಷರು ತಿಳಿಸಿದ್ದಾರೆ. ಪ್ರಶಸ್ತಿ ಫಲಕ, ಸನ್ಮಾನ ಪತ್ರ ಒಳಗೊಂಡಿದೆ.
ವಿವಿಧ ಬೇಡಿಕೆ ಈಡೇರಿಕೆಗೆ ಒತ್ತಾಯಿಸಿ ರೈತರಿಂದ ರಸ್ತೆ ತಡೆ
■ ಮುಂಡರಗಿ: ತಾಲೂಕಿನಲ್ಲಿ ಅಧಿಕ ಮಳೆಯಿಂದ ಬೆಳೆ ಹಾನಿಯಾಗಿದ್ದು, ಸರ್ಕಾರ ತಕ್ಷಣ ಪರಿಹಾರ ನೀಡಬೇಕು, ರಸಗೊಬ್ಬರ ಕೊರತೆ ನೀಗಿಸಬೇಕು ಸೇರಿದಂತೆ ವಿವಿಧ ಬೇಡಿಕೆಗಳ ಈಡೇರಿಕೆಗೆ ಒತ್ತಾಯಿಸಿ ರೈತ ಸಂಘದ ಕಾರ್ಯಕರ್ತರು ರಸ್ತೆ ತಡೆ ನಡೆಸಿ ಪ್ರತಿಭಟನೆ ನಡೆಸಿದರು. ರೈತ ಮುಖಂಡರು ಮಾತನಾಡಿ, ಸತತ ಮಳೆಯಿಂದ ಹೆಸರು, ಶೇಂಗಾ, ಮೆಕ್ಕೆಜೋಳ ಬೆಳೆಗಳು ಹಾಳಾಗಿವೆ. ರೈತರು ಸಂಕಷ್ಟದಲ್ಲಿದ್ದಾರೆ. ಬೆಳೆ ವಿಮೆ ಹಣ ಬಿಡುಗಡೆ ಮಾಡಬೇಕು. ಬ್ಯಾಂಕುಗಳು ಸಾಲ ವಸೂಲಾತಿ ನಿಲ್ಲಿಸಬೇಕು. ವಿದ್ಯುತ್ ಸಮಸ್ಯೆ ಬಗೆಹರಿಸಬೇಕು ಎಂದು ಆಗ್ರಹಿಸಿದರು. ತಹಶೀಲ್ದಾರರು ಸ್ಥಳಕ್ಕೆ ಆಗಮಿಸಿ ಮನವಿ ಸ್ವೀಕರಿಸಿದರು. ಬೇಡಿಕೆಗಳನ್ನು ಸರ್ಕಾರದ ಗಮನಕ್ಕೆ ತರುವುದಾಗಿ ಭರವಸೆ ನೀಡಿದರು. ಪ್ರತಿಭಟನೆಯಿಂದ ಕೆಲಕಾಲ ಸಂಚಾರ ಅಸ್ತವ್ಯಸ್ತಗೊಂಡಿತ್ತು. ರೈತ ಸಂಘದ ಜಿಲ್ಲಾ ಹಾಗೂ ತಾಲೂಕು ಪದಾಧಿಕಾರಿಗಳು, ನೂರಾರು ರೈತರು ಪಾಲ್ಗೊಂಡಿದ್ದರು. ಪೊಲೀಸರು ಬಂದೋಬಸ್ತ್ ಏರ್ಪಡಿಸಿದ್ದರು. ರೈತರ ಸಮಸ್ಯೆಗಳಿಗೆ ಶೀಘ್ರ ಸ್ಪಂದಿಸದಿದ್ದರೆ ಉಗ್ರ ಹೋರಾಟ ನಡೆಸುವುದಾಗಿ ಎಚ್ಚರಿಕೆ ನೀಡಿದರು.
■ ಮುಂಡರಗಿ: ತಾಲೂಕಿನಲ್ಲಿ ಅಧಿಕ ಮಳೆಯಿಂದ ಬೆಳೆ ಹಾನಿಯಾಗಿದ್ದು, ಸರ್ಕಾರ ತಕ್ಷಣ ಪರಿಹಾರ ನೀಡಬೇಕು, ರಸಗೊಬ್ಬರ ಕೊರತೆ ನೀಗಿಸಬೇಕು ಸೇರಿದಂತೆ ವಿವಿಧ ಬೇಡಿಕೆಗಳ ಈಡೇರಿಕೆಗೆ ಒತ್ತಾಯಿಸಿ ರೈತ ಸಂಘದ ಕಾರ್ಯಕರ್ತರು ರಸ್ತೆ ತಡೆ ನಡೆಸಿ ಪ್ರತಿಭಟನೆ ನಡೆಸಿದರು. ರೈತ ಮುಖಂಡರು ಮಾತನಾಡಿ, ಸತತ ಮಳೆಯಿಂದ ಹೆಸರು, ಶೇಂಗಾ, ಮೆಕ್ಕೆಜೋಳ ಬೆಳೆಗಳು ಹಾಳಾಗಿವೆ. ರೈತರು ಸಂಕಷ್ಟದಲ್ಲಿದ್ದಾರೆ. ಬೆಳೆ ವಿಮೆ ಹಣ ಬಿಡುಗಡೆ ಮಾಡಬೇಕು. ಬ್ಯಾಂಕುಗಳು ಸಾಲ ವಸೂಲಾತಿ ನಿಲ್ಲಿಸಬೇಕು. ವಿದ್ಯುತ್ ಸಮಸ್ಯೆ ಬಗೆಹರಿಸಬೇಕು ಎಂದು ಆಗ್ರಹಿಸಿದರು. ತಹಶೀಲ್ದಾರರು ಸ್ಥಳಕ್ಕೆ ಆಗಮಿಸಿ ಮನವಿ ಸ್ವೀಕರಿಸಿದರು. ಬೇಡಿಕೆಗಳನ್ನು ಸರ್ಕಾರದ ಗಮನಕ್ಕೆ ತರುವುದಾಗಿ ಭರವಸೆ ನೀಡಿದರು. ಪ್ರತಿಭಟನೆಯಿಂದ ಕೆಲಕಾಲ ಸಂಚಾರ ಅಸ್ತವ್ಯಸ್ತಗೊಂಡಿತ್ತು. ರೈತ ಸಂಘದ ಜಿಲ್ಲಾ ಹಾಗೂ ತಾಲೂಕು ಪದಾಧಿಕಾರಿಗಳು, ನೂರಾರು ರೈತರು ಪಾಲ್ಗೊಂಡಿದ್ದರು. ಪೊಲೀಸರು ಬಂದೋಬಸ್ತ್ ಏರ್ಪಡಿಸಿದ್ದರು. ರೈತರ ಸಮಸ್ಯೆಗಳಿಗೆ ಶೀಘ್ರ ಸ್ಪಂದಿಸದಿದ್ದರೆ ಉಗ್ರ ಹೋರಾಟ ನಡೆಸುವುದಾಗಿ ಎಚ್ಚರಿಕೆ ನೀಡಿದರು.
